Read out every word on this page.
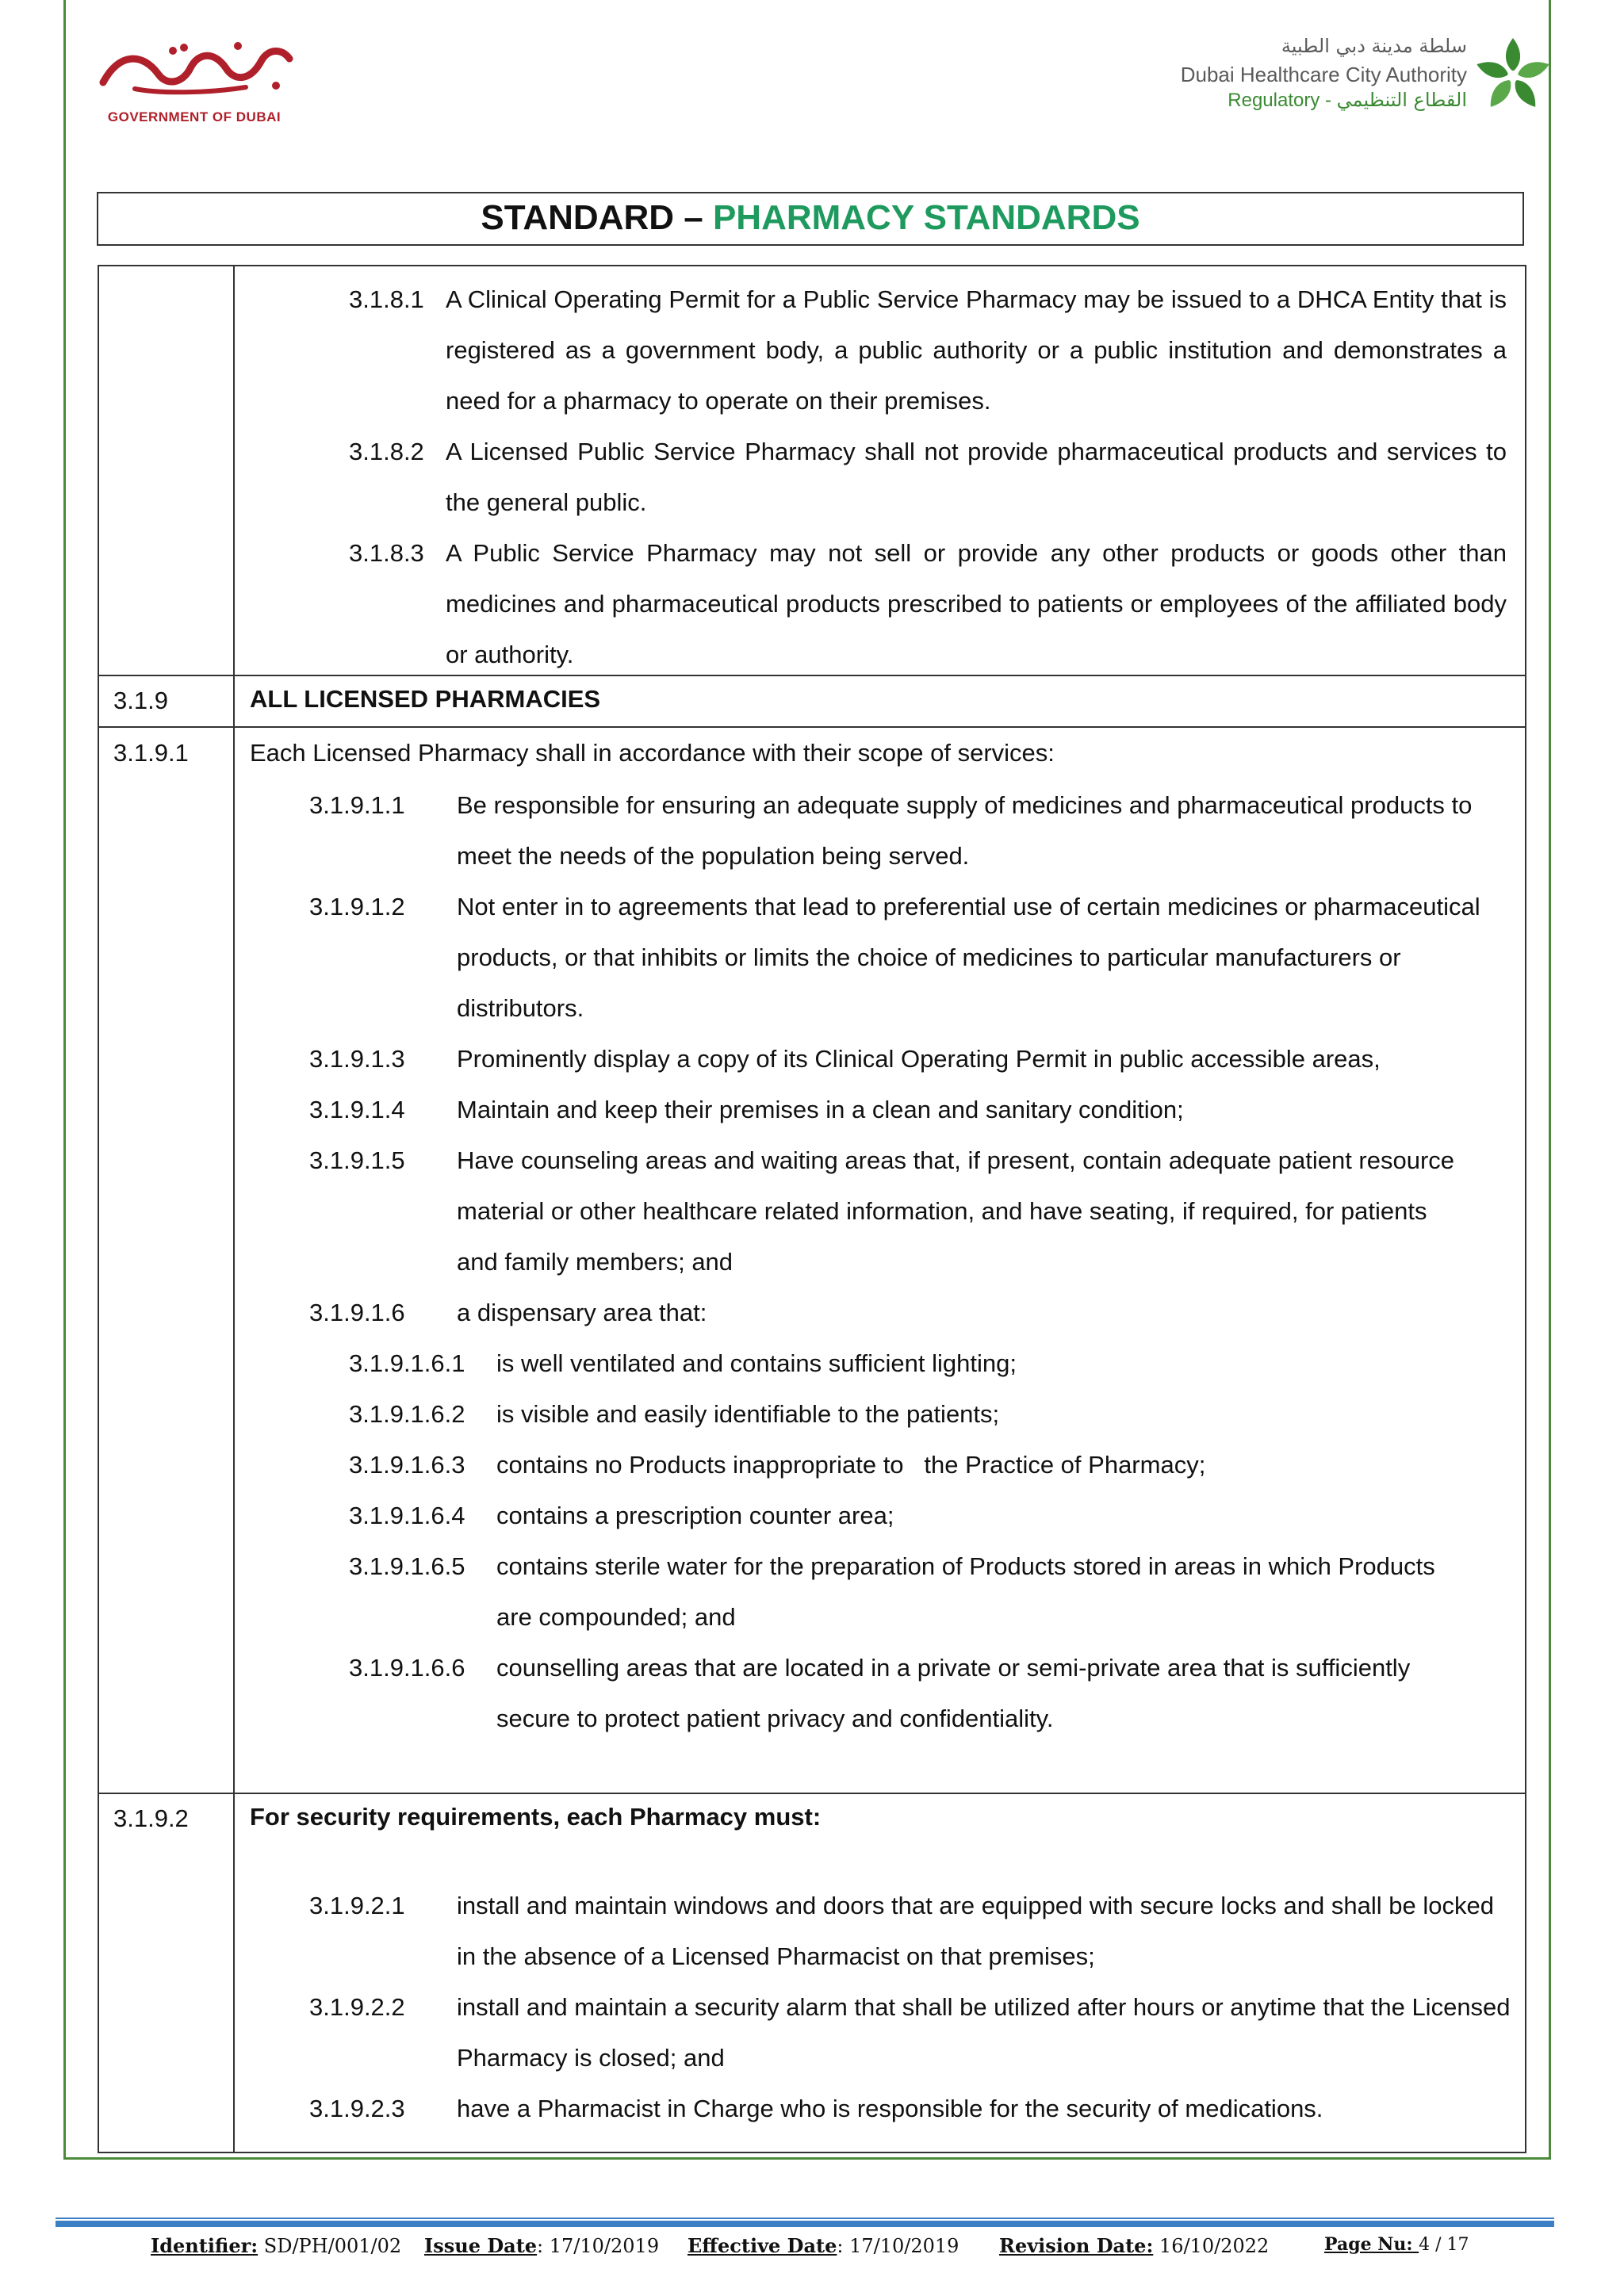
GOVERNMENT OF DUBAI
سلطة مدينة دبي الطبية
Dubai Healthcare City Authority
Regulatory - القطاع التنظيمي
STANDARD – PHARMACY STANDARDS
3.1.8.1 A Clinical Operating Permit for a Public Service Pharmacy may be issued to a DHCA Entity that is registered as a government body, a public authority or a public institution and demonstrates a need for a pharmacy to operate on their premises.
3.1.8.2 A Licensed Public Service Pharmacy shall not provide pharmaceutical products and services to the general public.
3.1.8.3 A Public Service Pharmacy may not sell or provide any other products or goods other than medicines and pharmaceutical products prescribed to patients or employees of the affiliated body or authority.
3.1.9	ALL LICENSED PHARMACIES
3.1.9.1 Each Licensed Pharmacy shall in accordance with their scope of services:
3.1.9.1.1 Be responsible for ensuring an adequate supply of medicines and pharmaceutical products to meet the needs of the population being served.
3.1.9.1.2 Not enter in to agreements that lead to preferential use of certain medicines or pharmaceutical products, or that inhibits or limits the choice of medicines to particular manufacturers or distributors.
3.1.9.1.3 Prominently display a copy of its Clinical Operating Permit in public accessible areas,
3.1.9.1.4 Maintain and keep their premises in a clean and sanitary condition;
3.1.9.1.5 Have counseling areas and waiting areas that, if present, contain adequate patient resource material or other healthcare related information, and have seating, if required, for patients and family members; and
3.1.9.1.6 a dispensary area that:
3.1.9.1.6.1 is well ventilated and contains sufficient lighting;
3.1.9.1.6.2 is visible and easily identifiable to the patients;
3.1.9.1.6.3 contains no Products inappropriate to   the Practice of Pharmacy;
3.1.9.1.6.4 contains a prescription counter area;
3.1.9.1.6.5 contains sterile water for the preparation of Products stored in areas in which Products are compounded; and
3.1.9.1.6.6 counselling areas that are located in a private or semi-private area that is sufficiently secure to protect patient privacy and confidentiality.
3.1.9.2 For security requirements, each Pharmacy must:
3.1.9.2.1 install and maintain windows and doors that are equipped with secure locks and shall be locked in the absence of a Licensed Pharmacist on that premises;
3.1.9.2.2 install and maintain a security alarm that shall be utilized after hours or anytime that the Licensed Pharmacy is closed; and
3.1.9.2.3 have a Pharmacist in Charge who is responsible for the security of medications.
Identifier: SD/PH/001/02 Issue Date: 17/10/2019 Effective Date: 17/10/2019 Revision Date: 16/10/2022	Page Nu: 4 / 17
